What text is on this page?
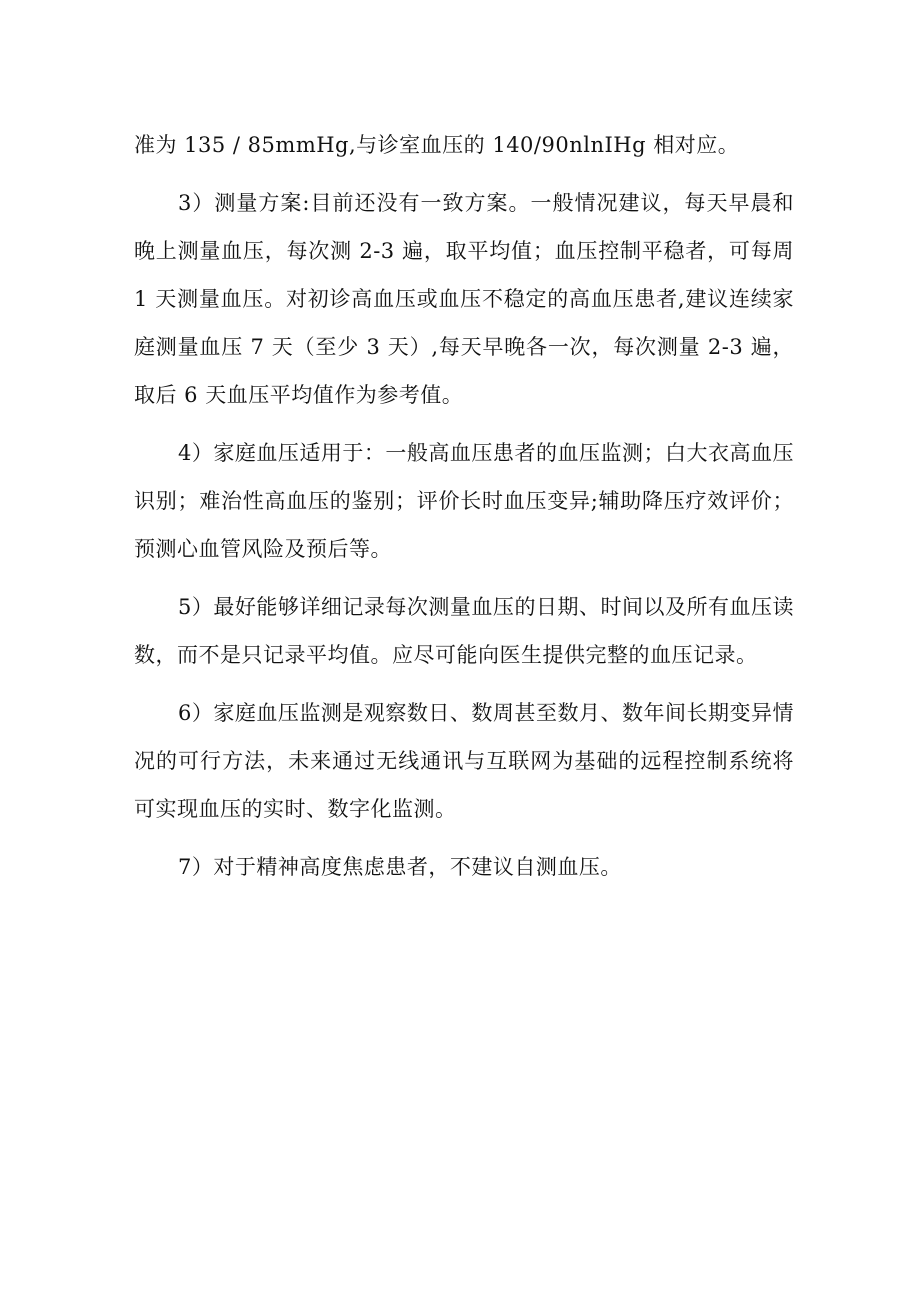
准为 135 / 85mmHg,与诊室血压的 140/90nlnIHg 相对应。

3）测量方案:目前还没有一致方案。一般情况建议，每天早晨和晚上测量血压，每次测 2-3 遍，取平均值；血压控制平稳者，可每周 1 天测量血压。对初诊高血压或血压不稳定的高血压患者,建议连续家庭测量血压 7 天（至少 3 天）,每天早晚各一次，每次测量 2-3 遍，取后 6 天血压平均值作为参考值。

4）家庭血压适用于：一般高血压患者的血压监测；白大衣高血压识别；难治性高血压的鉴别；评价长时血压变异;辅助降压疗效评价；预测心血管风险及预后等。

5）最好能够详细记录每次测量血压的日期、时间以及所有血压读数，而不是只记录平均值。应尽可能向医生提供完整的血压记录。

6）家庭血压监测是观察数日、数周甚至数月、数年间长期变异情况的可行方法，未来通过无线通讯与互联网为基础的远程控制系统将可实现血压的实时、数字化监测。

7）对于精神高度焦虑患者，不建议自测血压。
